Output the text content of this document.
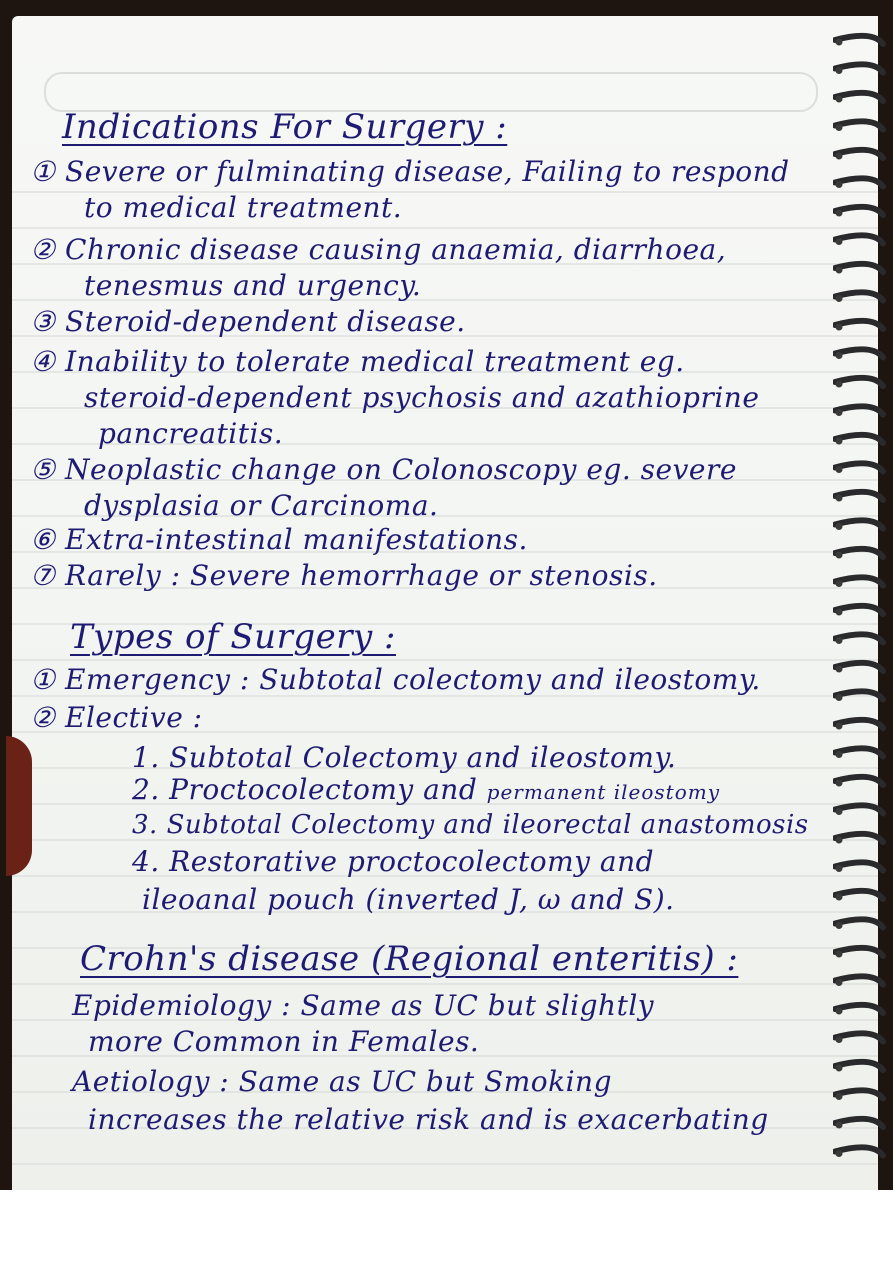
Indications For Surgery :

① Severe or fulminating disease, Failing to respond

to medical treatment.

② Chronic disease causing anaemia, diarrhoea,

tenesmus and urgency.

③ Steroid-dependent disease.

④ Inability to tolerate medical treatment eg.

steroid-dependent psychosis and azathioprine

pancreatitis.

⑤ Neoplastic change on Colonoscopy eg. severe

dysplasia or Carcinoma.

⑥ Extra-intestinal manifestations.

⑦ Rarely : Severe hemorrhage or stenosis.

Types of Surgery :

① Emergency : Subtotal colectomy and ileostomy.

② Elective :

1. Subtotal Colectomy and ileostomy.

2. Proctocolectomy and permanent ileostomy

3. Subtotal Colectomy and ileorectal anastomosis

4. Restorative proctocolectomy and

ileoanal pouch (inverted J, ω and S).

Crohn's disease (Regional enteritis) :

Epidemiology : Same as UC but slightly

more Common in Females.

Aetiology : Same as UC but Smoking

increases the relative risk and is exacerbating
